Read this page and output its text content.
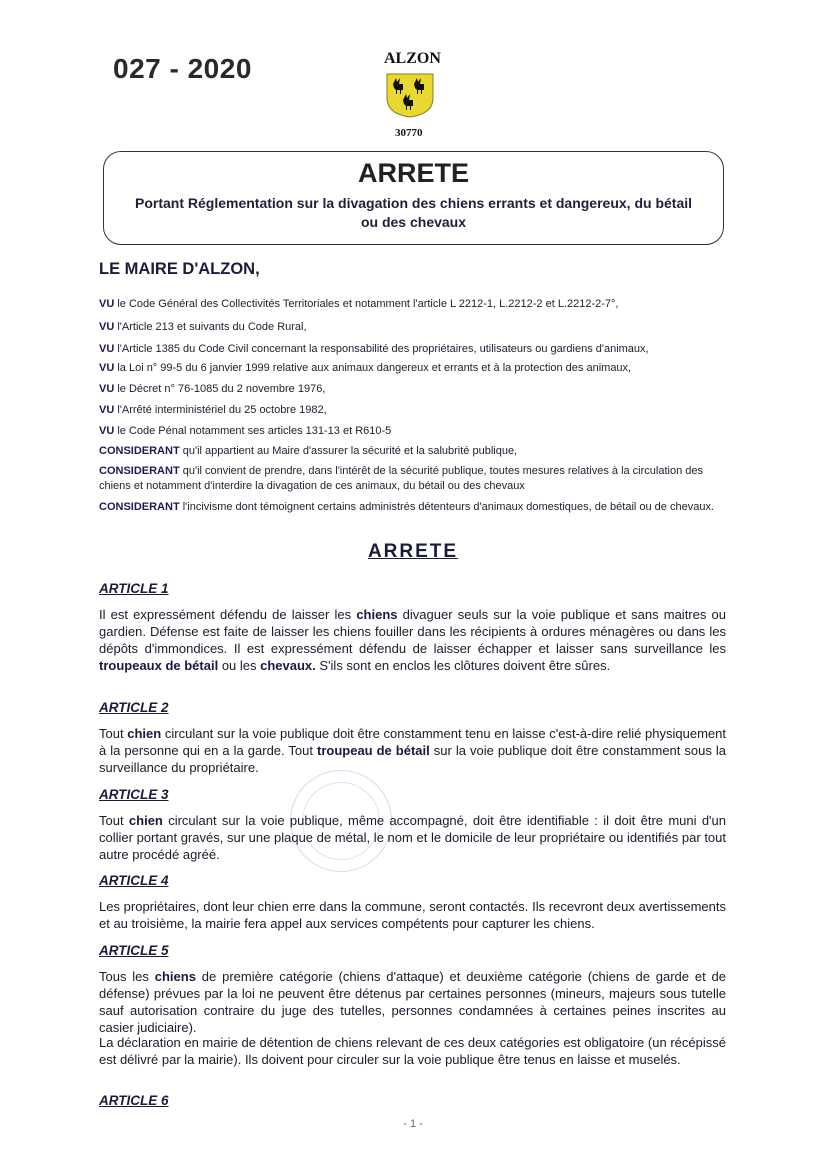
027 - 2020	ALZON
30770
ARRETE
Portant Réglementation sur la divagation des chiens errants et dangereux, du bétail
ou des chevaux
LE MAIRE D'ALZON,
VU le Code Général des Collectivités Territoriales et notamment l'article L 2212-1, L.2212-2 et L.2212-2-7°,
VU l'Article 213 et suivants du Code Rural,
VU l'Article 1385 du Code Civil concernant la responsabilité des propriétaires, utilisateurs ou gardiens d'animaux,
VU la Loi n° 99-5 du 6 janvier 1999 relative aux animaux dangereux et errants et à la protection des animaux,
VU le Décret n° 76-1085 du 2 novembre 1976,
VU l'Arrêté interministériel du 25 octobre 1982,
VU le Code Pénal notamment ses articles 131-13 et R610-5
CONSIDERANT qu'il appartient au Maire d'assurer la sécurité et la salubrité publique,
CONSIDERANT qu'il convient de prendre, dans l'intérêt de la sécurité publique, toutes mesures relatives à la circulation des chiens et notamment d'interdire la divagation de ces animaux, du bétail ou des chevaux
CONSIDERANT l'incivisme dont témoignent certains administrés détenteurs d'animaux domestiques, de bétail ou de chevaux.
ARRETE
ARTICLE 1
Il est expressément défendu de laisser les chiens divaguer seuls sur la voie publique et sans maitres ou gardien. Défense est faite de laisser les chiens fouiller dans les récipients à ordures ménagères ou dans les dépôts d'immondices. Il est expressément défendu de laisser échapper et laisser sans surveillance les troupeaux de bétail ou les chevaux. S'ils sont en enclos les clôtures doivent être sûres.
ARTICLE 2
Tout chien circulant sur la voie publique doit être constamment tenu en laisse c'est-à-dire relié physiquement à la personne qui en a la garde. Tout troupeau de bétail sur la voie publique doit être constamment sous la surveillance du propriétaire.
ARTICLE 3
Tout chien circulant sur la voie publique, même accompagné, doit être identifiable : il doit être muni d'un collier portant gravés, sur une plaque de métal, le nom et le domicile de leur propriétaire ou identifiés par tout autre procédé agréé.
ARTICLE 4
Les propriétaires, dont leur chien erre dans la commune, seront contactés. Ils recevront deux avertissements et au troisième, la mairie fera appel aux services compétents pour capturer les chiens.
ARTICLE 5
Tous les chiens de première catégorie (chiens d'attaque) et deuxième catégorie (chiens de garde et de défense) prévues par la loi ne peuvent être détenus par certaines personnes (mineurs, majeurs sous tutelle sauf autorisation contraire du juge des tutelles, personnes condamnées à certaines peines inscrites au casier judiciaire).
La déclaration en mairie de détention de chiens relevant de ces deux catégories est obligatoire (un récépissé est délivré par la mairie). Ils doivent pour circuler sur la voie publique être tenus en laisse et muselés.
ARTICLE 6
- 1 -
